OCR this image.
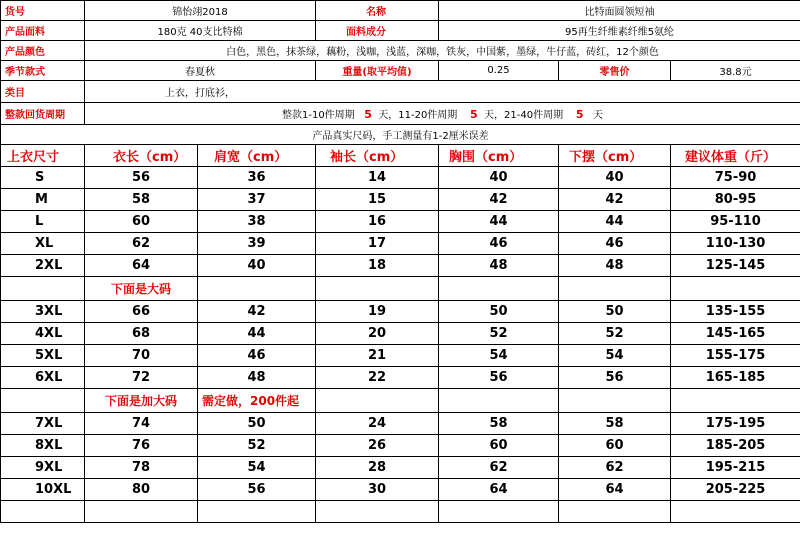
货号	锦怡翊2018		名称	比特面圆领短袖		
产品面料	180克 40支比特棉		面料成分	95再生纤维素纤维5氨纶		
产品颜色	白色，黑色，抹茶绿，藕粉，浅咖，浅蓝，深咖，铁灰，中国紫，墨绿，牛仔蓝，砖红，12个颜色					
季节款式	春夏秋		重量(取平均值)	0.25	零售价	38.8元
类目	上衣，打底衫，					
整款回货周期	整款1-10件周期 5 天，11-20件周期 5 天，21-40件周期 5 天					
产品真实尺码，手工测量有1-2厘米误差						
上衣尺寸	衣长（cm）	肩宽（cm）	袖长（cm）	胸围（cm）	下摆（cm）	建议体重（斤）
S	56	36	14	40	40	75-90
M	58	37	15	42	42	80-95
L	60	38	16	44	44	95-110
XL	62	39	17	46	46	110-130
2XL	64	40	18	48	48	125-145
	下面是大码					
3XL	66	42	19	50	50	135-155
4XL	68	44	20	52	52	145-165
5XL	70	46	21	54	54	155-175
6XL	72	48	22	56	56	165-185
	下面是加大码	需定做，200件起				
7XL	74	50	24	58	58	175-195
8XL	76	52	26	60	60	185-205
9XL	78	54	28	62	62	195-215
10XL	80	56	30	64	64	205-225
